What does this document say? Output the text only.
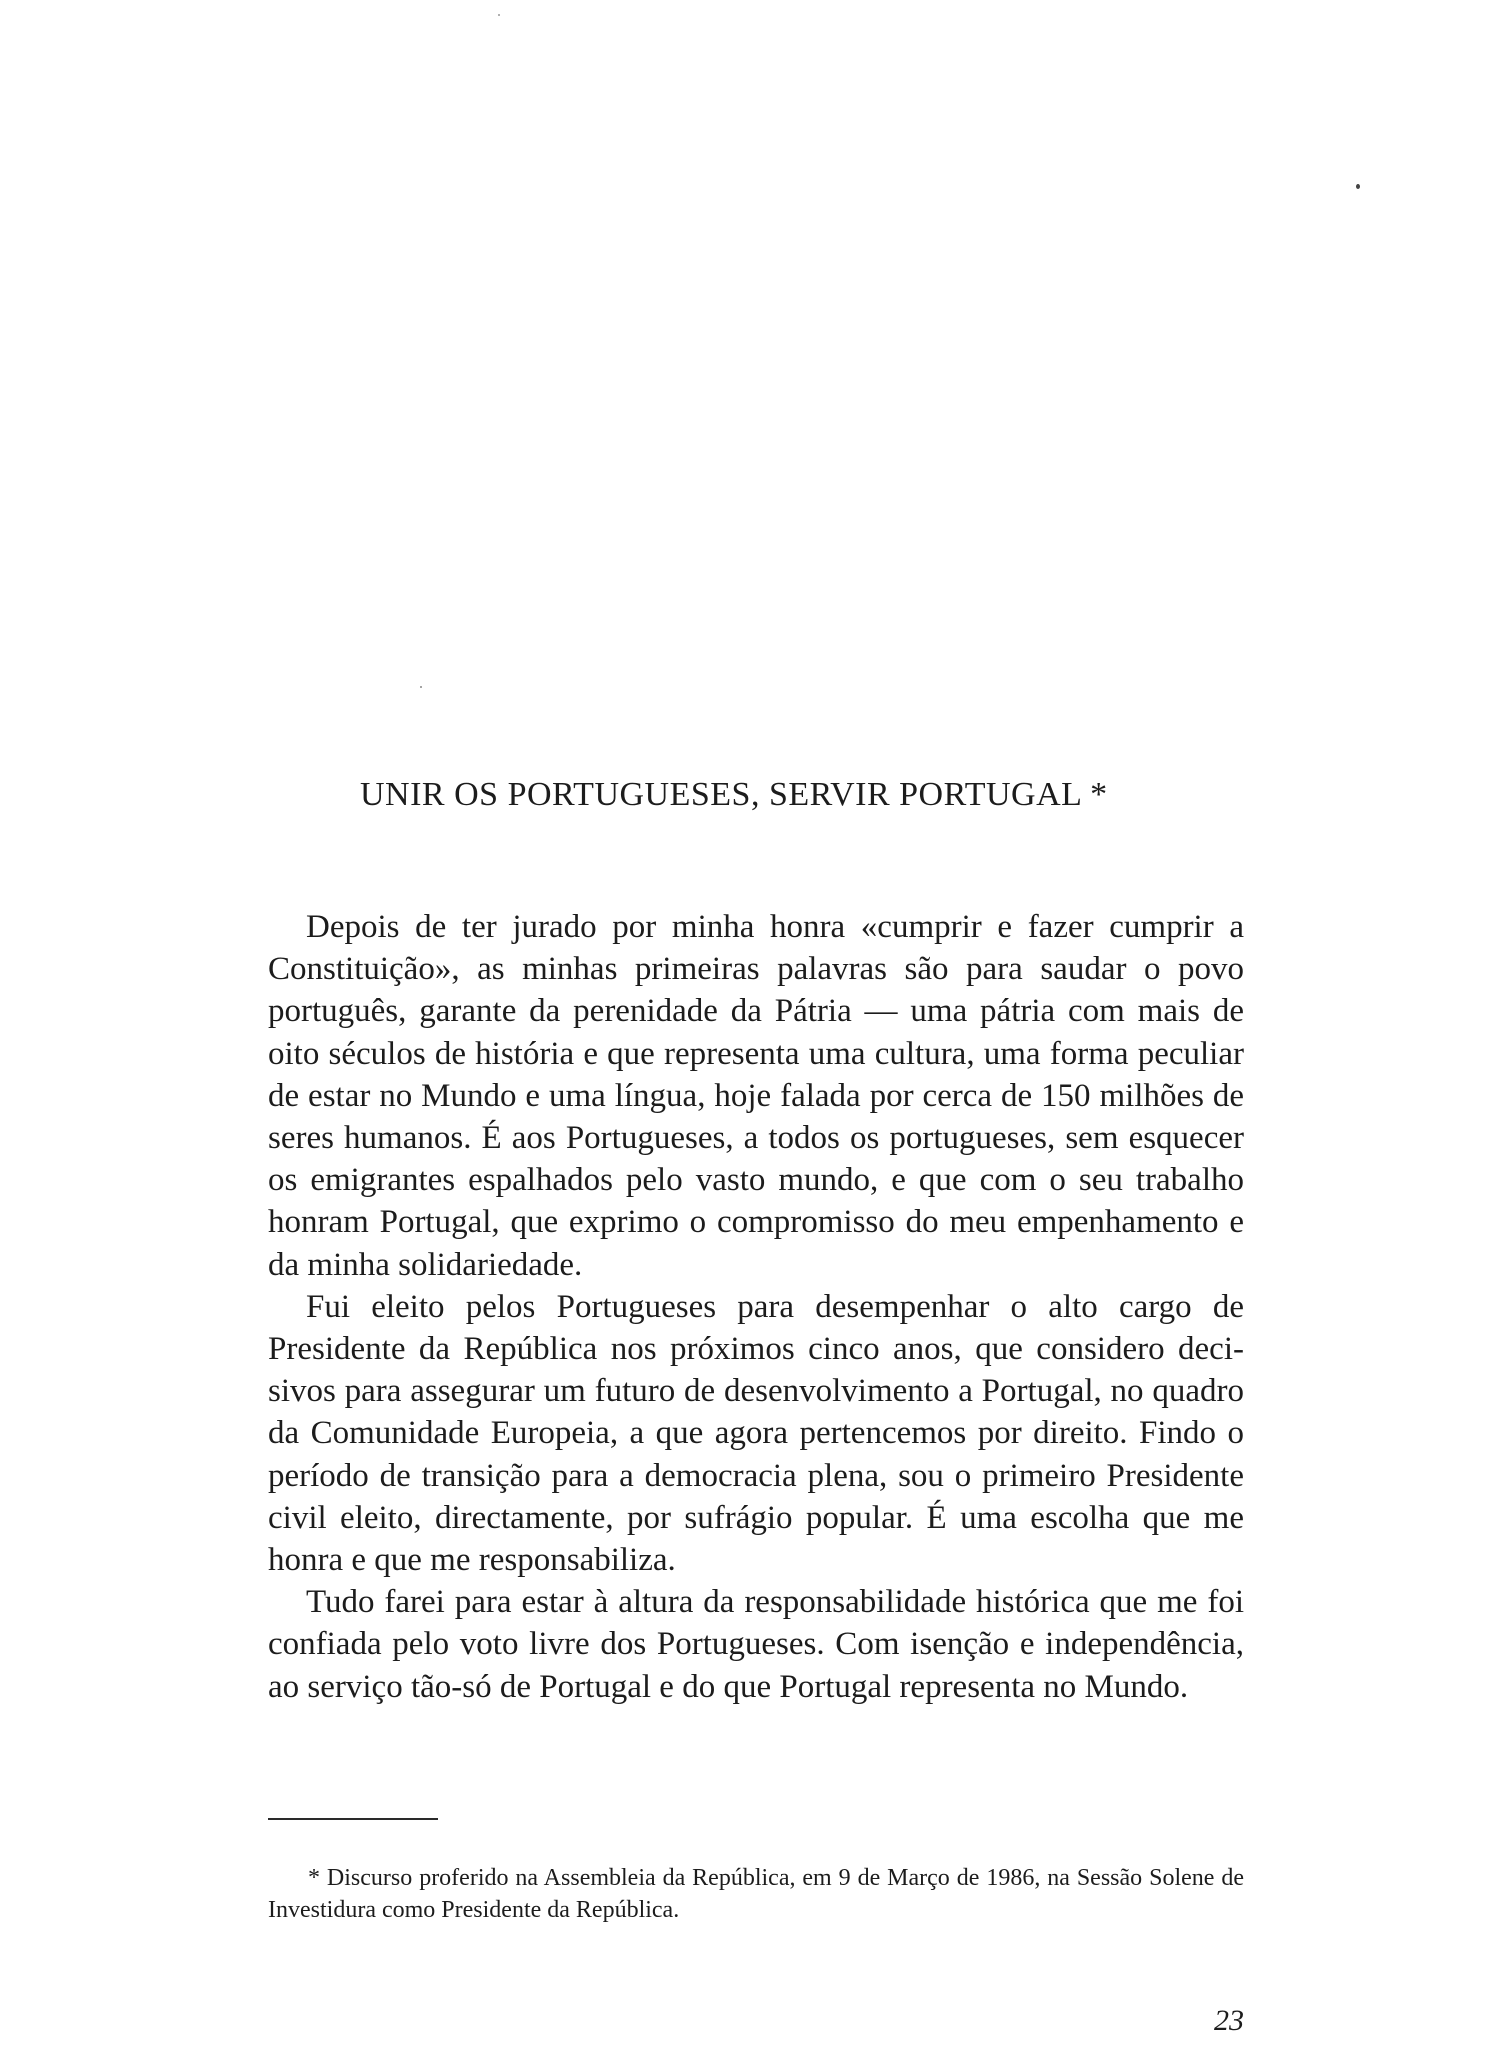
UNIR OS PORTUGUESES, SERVIR PORTUGAL *

Depois de ter jurado por minha honra «cumprir e fazer cumprir a Constituição», as minhas primeiras palavras são para saudar o povo português, garante da perenidade da Pátria — uma pátria com mais de oito séculos de história e que representa uma cultura, uma forma peculiar de estar no Mundo e uma língua, hoje falada por cerca de 150 milhões de seres humanos. É aos Portugueses, a todos os portugueses, sem esquecer os emigrantes espalhados pelo vasto mundo, e que com o seu trabalho honram Portugal, que exprimo o compromisso do meu empenhamento e da minha solidariedade.

Fui eleito pelos Portugueses para desempenhar o alto cargo de Presidente da República nos próximos cinco anos, que considero decisivos para assegurar um futuro de desenvolvimento a Portugal, no quadro da Comunidade Europeia, a que agora pertencemos por direito. Findo o período de transição para a democracia plena, sou o primeiro Presidente civil eleito, directamente, por sufrágio popular. É uma escolha que me honra e que me responsabiliza.

Tudo farei para estar à altura da responsabilidade histórica que me foi confiada pelo voto livre dos Portugueses. Com isenção e independência, ao serviço tão-só de Portugal e do que Portugal representa no Mundo.

* Discurso proferido na Assembleia da República, em 9 de Março de 1986, na Sessão Solene de Investidura como Presidente da República.

23
